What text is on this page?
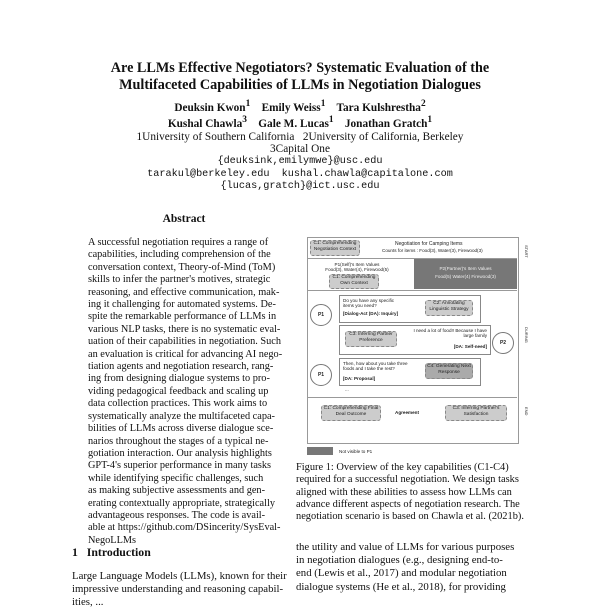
Are LLMs Effective Negotiators? Systematic Evaluation of the
Multifaceted Capabilities of LLMs in Negotiation Dialogues
Deuksin Kwon$^1$ Emily Weiss$^1$ Tara Kulshrestha$^2$
Kushal Chawla$^3$ Gale M. Lucas$^1$ Jonathan Gratch$^1$
1University of Southern California   2University of California, Berkeley
3Capital One
{deuksink,emilymwe}@usc.edu
tarakul@berkeley.edu  kushal.chawla@capitalone.com
{lucas,gratch}@ict.usc.edu
Abstract
A successful negotiation requires a range of
capabilities, including comprehension of the
conversation context, Theory-of-Mind (ToM)
skills to infer the partner's motives, strategic
reasoning, and effective communication, mak-
ing it challenging for automated systems. De-
spite the remarkable performance of LLMs in
various NLP tasks, there is no systematic eval-
uation of their capabilities in negotiation. Such
an evaluation is critical for advancing AI nego-
tiation agents and negotiation research, rang-
ing from designing dialogue systems to pro-
viding pedagogical feedback and scaling up
data collection practices. This work aims to
systematically analyze the multifaceted capa-
bilities of LLMs across diverse dialogue sce-
narios throughout the stages of a typical ne-
gotiation interaction. Our analysis highlights
GPT-4's superior performance in many tasks
while identifying specific challenges, such
as making subjective assessments and gen-
erating contextually appropriate, strategically
advantageous responses. The code is avail-
able at https://github.com/DSincerity/SysEval-
NegoLLMs
1   Introduction
Large Language Models (LLMs), known for their
impressive understanding and reasoning capabil-
ities, ...
C1: Comprehending Negotiation Context
Negotiation for Camping Items
Counts for items : Food(3), Water(3), Firewood(3)
P1(Self)'s Item Values
Food(3), Water(4), Firewood(5)
C1: Comprehending Own Context
P2(Partner)'s Item Values
Food(5) Water(4) Firewood(3)
P1
Do you have any specific items you need?
[Dialog-Act (DA): Inquiry]
C2: Annotating Linguistic Strategy
C3: Inferring Partner Preference
I need a lot of food!! Because I have large family
[DA: Self-need]
P2
P1
Then, how about you take three foods and I take the rest?
[DA: Proposal]
C4: Generating Next Response
...
C1: Comprehending Final Deal Outcome	Agreement
C3: Inferring Partner's Satisfaction
START
DURING
END
Not visible to P1
Figure 1: Overview of the key capabilities (C1-C4)
required for a successful negotiation. We design tasks
aligned with these abilities to assess how LLMs can
advance different aspects of negotiation research. The
negotiation scenario is based on Chawla et al. (2021b).
the utility and value of LLMs for various purposes
in negotiation dialogues (e.g., designing end-to-
end (Lewis et al., 2017) and modular negotiation
dialogue systems (He et al., 2018), for providing
